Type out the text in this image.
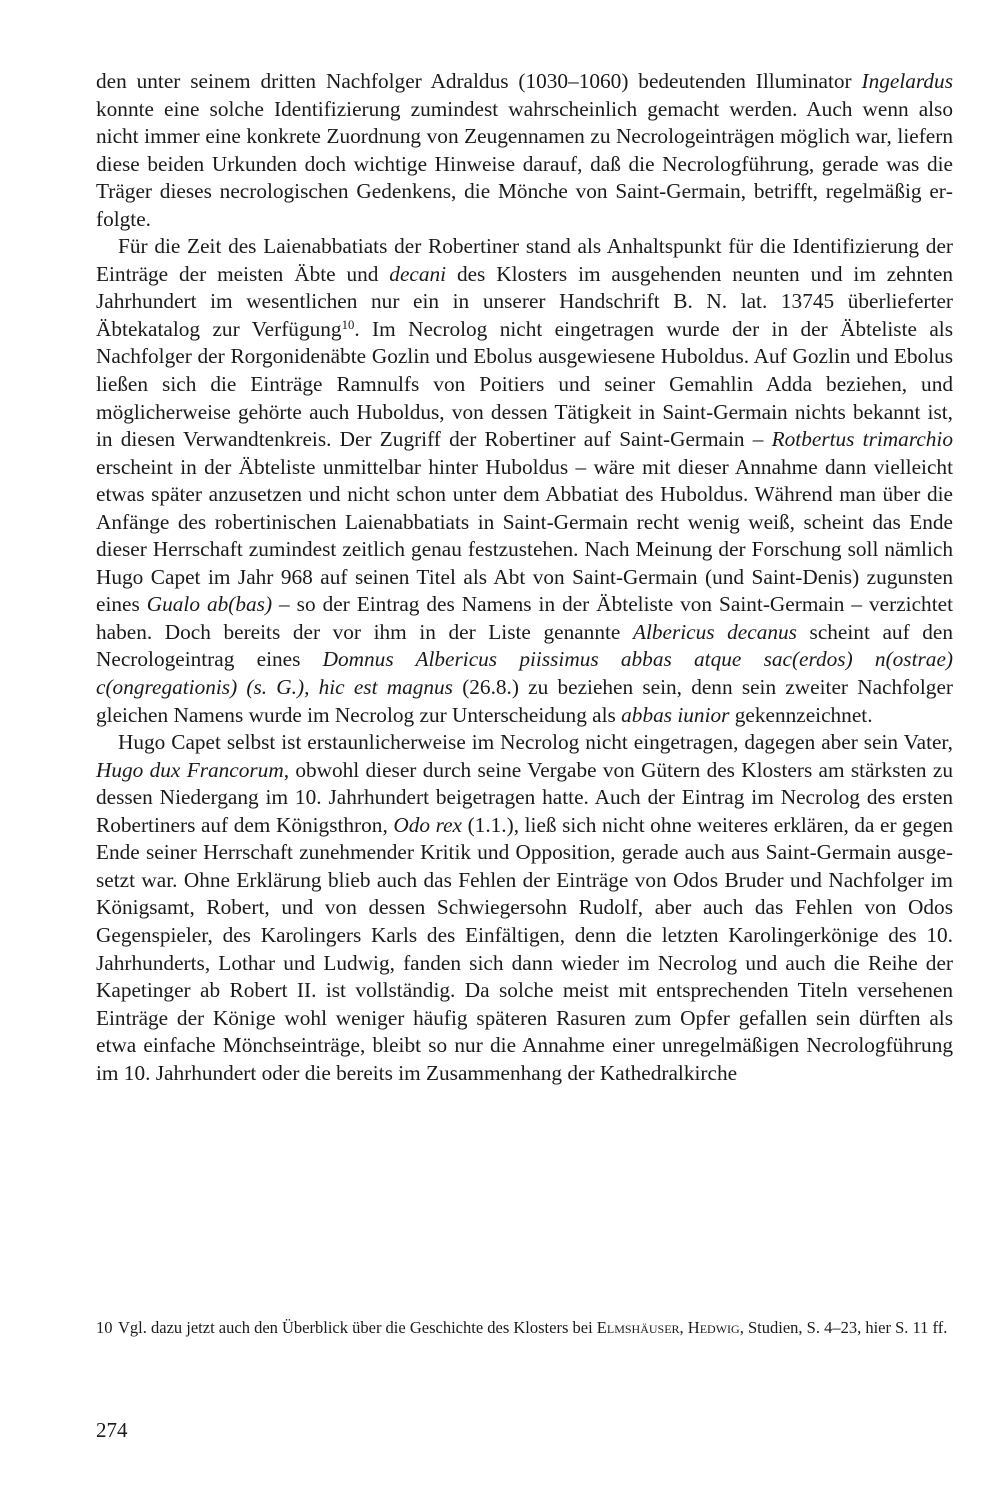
den unter seinem dritten Nachfolger Adraldus (1030–1060) bedeutenden Illuminator Ingelardus konnte eine solche Identifizierung zumindest wahrscheinlich gemacht werden. Auch wenn also nicht immer eine konkrete Zuordnung von Zeugennamen zu Necrologeinträgen möglich war, liefern diese beiden Urkunden doch wichtige Hinweise darauf, daß die Necrologführung, gerade was die Träger dieses necrologischen Gedenkens, die Mönche von Saint-Germain, betrifft, regelmäßig erfolgte.

Für die Zeit des Laienabbatiats der Robertiner stand als Anhaltspunkt für die Identifizierung der Einträge der meisten Äbte und decani des Klosters im ausgehenden neunten und im zehnten Jahrhundert im wesentlichen nur ein in unserer Handschrift B. N. lat. 13745 überlieferter Äbtekatalog zur Verfügung$^{10}$. Im Necrolog nicht eingetragen wurde der in der Äbteliste als Nachfolger der Rorgonidenäbte Gozlin und Ebolus ausgewiesene Huboldus. Auf Gozlin und Ebolus ließen sich die Einträge Ramnulfs von Poitiers und seiner Gemahlin Adda beziehen, und möglicherweise gehörte auch Huboldus, von dessen Tätigkeit in Saint-Germain nichts bekannt ist, in diesen Verwandtenkreis. Der Zugriff der Robertiner auf Saint-Germain – Rotbertus trimarchio erscheint in der Äbteliste unmittelbar hinter Huboldus – wäre mit dieser Annahme dann vielleicht etwas später anzusetzen und nicht schon unter dem Abbatiat des Huboldus. Während man über die Anfänge des robertinischen Laienabbatiats in Saint-Germain recht wenig weiß, scheint das Ende dieser Herrschaft zumindest zeitlich genau festzustehen. Nach Meinung der Forschung soll nämlich Hugo Capet im Jahr 968 auf seinen Titel als Abt von Saint-Germain (und Saint-Denis) zugunsten eines Gualo ab(bas) – so der Eintrag des Namens in der Äbteliste von Saint-Germain – verzichtet haben. Doch bereits der vor ihm in der Liste genannte Albericus decanus scheint auf den Necrologeintrag eines Domnus Albericus piissimus abbas atque sac(erdos) n(ostrae) c(ongregationis) (s. G.), hic est magnus (26.8.) zu beziehen sein, denn sein zweiter Nachfolger gleichen Namens wurde im Necrolog zur Unterscheidung als abbas iunior gekennzeichnet.

Hugo Capet selbst ist erstaunlicherweise im Necrolog nicht eingetragen, dagegen aber sein Vater, Hugo dux Francorum, obwohl dieser durch seine Vergabe von Gütern des Klosters am stärksten zu dessen Niedergang im 10. Jahrhundert beigetragen hatte. Auch der Eintrag im Necrolog des ersten Robertiners auf dem Königsthron, Odo rex (1.1.), ließ sich nicht ohne weiteres erklären, da er gegen Ende seiner Herrschaft zunehmender Kritik und Opposition, gerade auch aus Saint-Germain ausgesetzt war. Ohne Erklärung blieb auch das Fehlen der Einträge von Odos Bruder und Nachfolger im Königsamt, Robert, und von dessen Schwiegersohn Rudolf, aber auch das Fehlen von Odos Gegenspieler, des Karolingers Karls des Einfältigen, denn die letzten Karolingerkönige des 10. Jahrhunderts, Lothar und Ludwig, fanden sich dann wieder im Necrolog und auch die Reihe der Kapetinger ab Robert II. ist vollständig. Da solche meist mit entsprechenden Titeln versehenen Einträge der Könige wohl weniger häufig späteren Rasuren zum Opfer gefallen sein dürften als etwa einfache Mönchseinträge, bleibt so nur die Annahme einer unregelmäßigen Necrologführung im 10. Jahrhundert oder die bereits im Zusammenhang der Kathedralkirche

10 Vgl. dazu jetzt auch den Überblick über die Geschichte des Klosters bei Elmshäuser, Hedwig, Studien, S. 4–23, hier S. 11 ff.
274
